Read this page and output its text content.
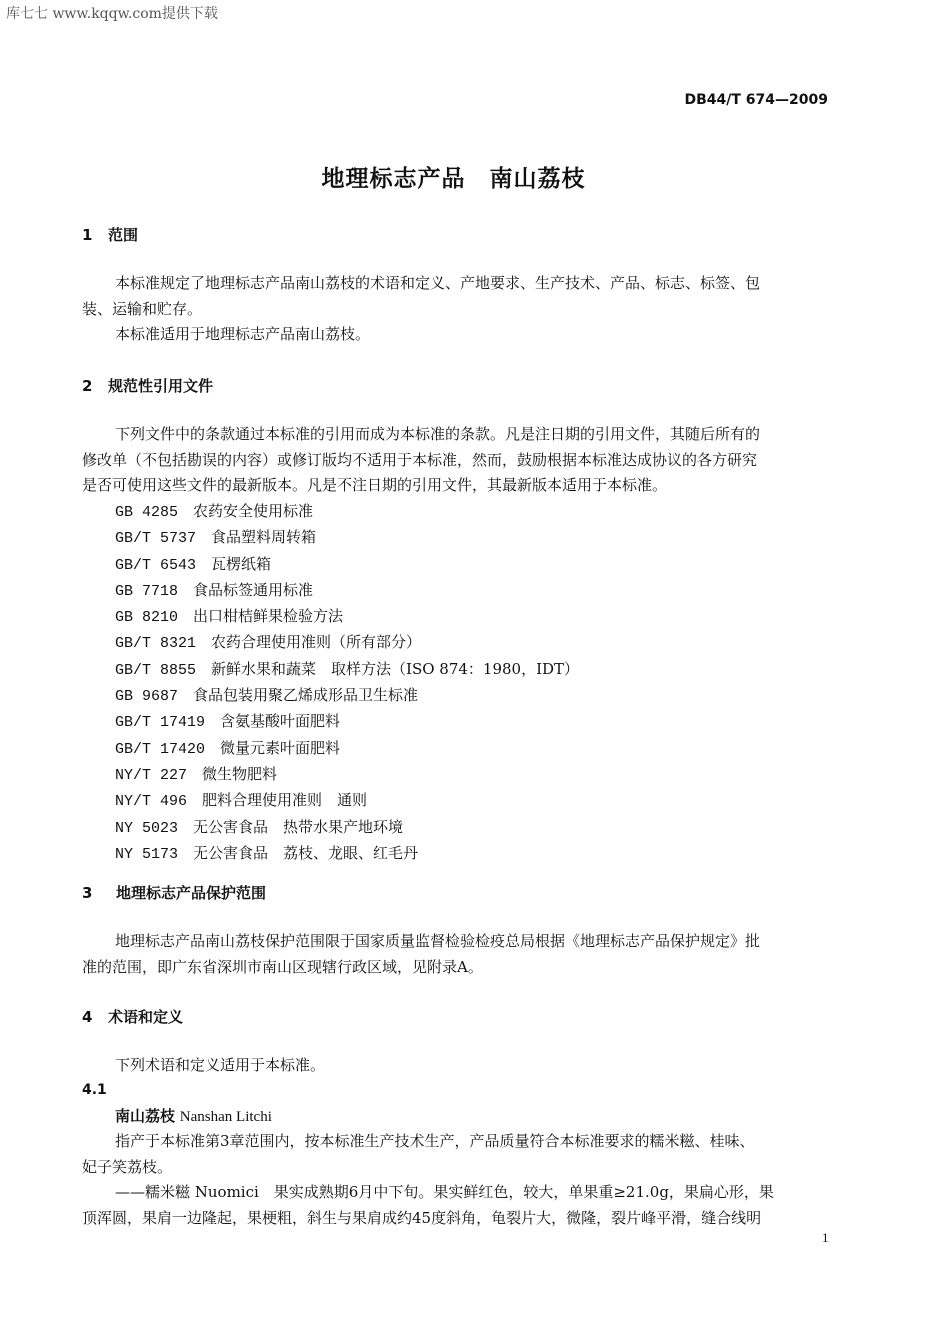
库七七 www.kqqw.com提供下载
DB44/T 674—2009
地理标志产品　南山荔枝
1 范围
本标准规定了地理标志产品南山荔枝的术语和定义、产地要求、生产技术、产品、标志、标签、包
装、运输和贮存。
本标准适用于地理标志产品南山荔枝。
2 规范性引用文件
下列文件中的条款通过本标准的引用而成为本标准的条款。凡是注日期的引用文件，其随后所有的
修改单（不包括勘误的内容）或修订版均不适用于本标准，然而，鼓励根据本标准达成协议的各方研究
是否可使用这些文件的最新版本。凡是不注日期的引用文件，其最新版本适用于本标准。
GB 4285　 农药安全使用标准
GB/T 5737　 食品塑料周转箱
GB/T 6543　 瓦楞纸箱
GB 7718　 食品标签通用标准
GB 8210　 出口柑桔鲜果检验方法
GB/T 8321　 农药合理使用准则（所有部分）
GB/T 8855　 新鲜水果和蔬菜　取样方法（ISO 874：1980，IDT）
GB 9687　 食品包装用聚乙烯成形品卫生标准
GB/T 17419　 含氨基酸叶面肥料
GB/T 17420　 微量元素叶面肥料
NY/T 227　 微生物肥料
NY/T 496　 肥料合理使用准则　通则
NY 5023　 无公害食品　热带水果产地环境
NY 5173　 无公害食品　荔枝、龙眼、红毛丹
3 地理标志产品保护范围
地理标志产品南山荔枝保护范围限于国家质量监督检验检疫总局根据《地理标志产品保护规定》批
准的范围，即广东省深圳市南山区现辖行政区域，见附录A。
4 术语和定义
下列术语和定义适用于本标准。
4.1
南山荔枝 Nanshan Litchi
指产于本标准第3章范围内，按本标准生产技术生产，产品质量符合本标准要求的糯米糍、桂味、
妃子笑荔枝。
——糯米糍 Nuomici　果实成熟期6月中下旬。果实鲜红色，较大，单果重≥21.0g，果扁心形，果
顶浑圆，果肩一边隆起，果梗粗，斜生与果肩成约45度斜角，龟裂片大，微隆，裂片峰平滑，缝合线明
1
